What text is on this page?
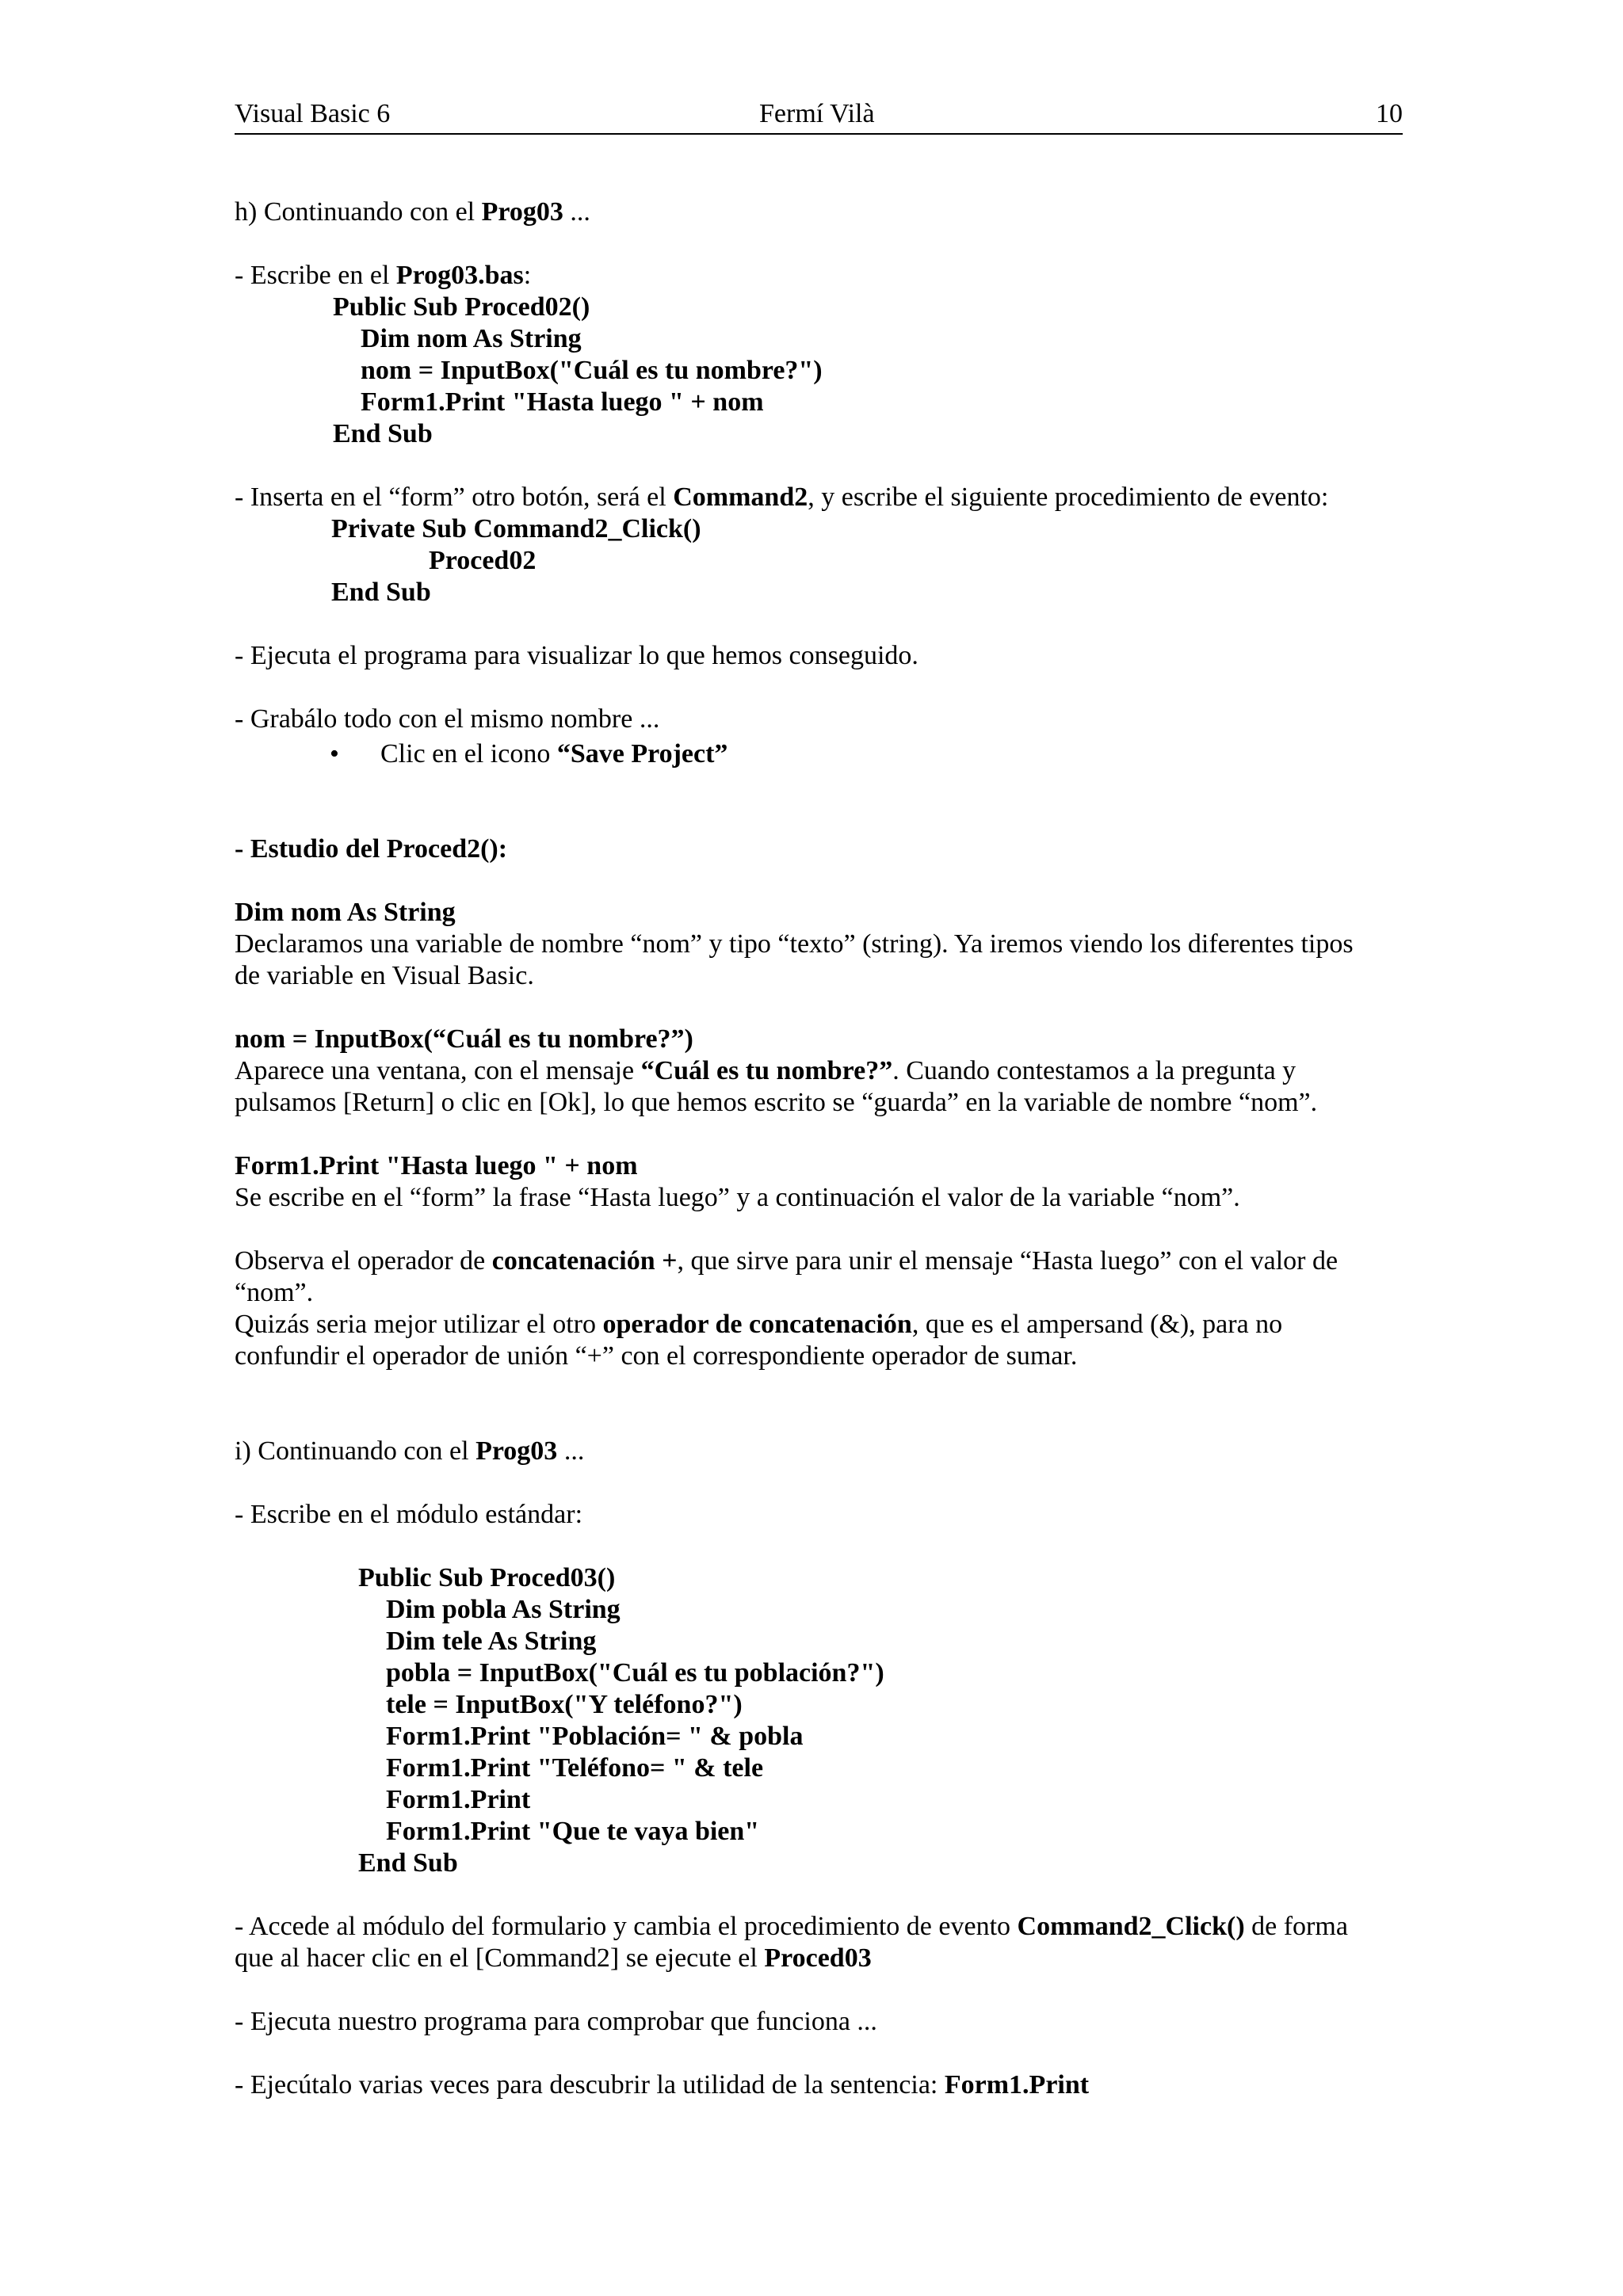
Visual Basic 6	Fermí Vilà	10
h) Continuando con el Prog03 ...
- Escribe en el Prog03.bas:
Public Sub Proced02()
Dim nom As String
nom = InputBox("Cuál es tu nombre?")
Form1.Print "Hasta luego " + nom
End Sub
- Inserta en el “form” otro botón, será el Command2, y escribe el siguiente procedimiento de evento:
Private Sub Command2_Click()
Proced02
End Sub
- Ejecuta el programa para visualizar lo que hemos conseguido.
- Grabálo todo con el mismo nombre ...
Clic en el icono “Save Project”
- Estudio del Proced2():
Dim nom As String
Declaramos una variable de nombre “nom” y tipo “texto” (string). Ya iremos viendo los diferentes tipos
de variable en Visual Basic.
nom = InputBox(“Cuál es tu nombre?”)
Aparece una ventana, con el mensaje “Cuál es tu nombre?”. Cuando contestamos a la pregunta y
pulsamos [Return] o clic en [Ok], lo que hemos escrito se “guarda” en la variable de nombre “nom”.
Form1.Print "Hasta luego " + nom
Se escribe en el “form” la frase “Hasta luego” y a continuación el valor de la variable “nom”.
Observa el operador de concatenación +, que sirve para unir el mensaje “Hasta luego” con el valor de
“nom”.
Quizás seria mejor utilizar el otro operador de concatenación, que es el ampersand (&), para no
confundir el operador de unión “+” con el correspondiente operador de sumar.
i) Continuando con el Prog03 ...
- Escribe en el módulo estándar:
Public Sub Proced03()
Dim pobla As String
Dim tele As String
pobla = InputBox("Cuál es tu población?")
tele = InputBox("Y teléfono?")
Form1.Print "Población= " & pobla
Form1.Print "Teléfono= " & tele
Form1.Print
Form1.Print "Que te vaya bien"
End Sub
- Accede al módulo del formulario y cambia el procedimiento de evento Command2_Click() de forma
que al hacer clic en el [Command2] se ejecute el Proced03
- Ejecuta nuestro programa para comprobar que funciona ...
- Ejecútalo varias veces para descubrir la utilidad de la sentencia: Form1.Print
•
